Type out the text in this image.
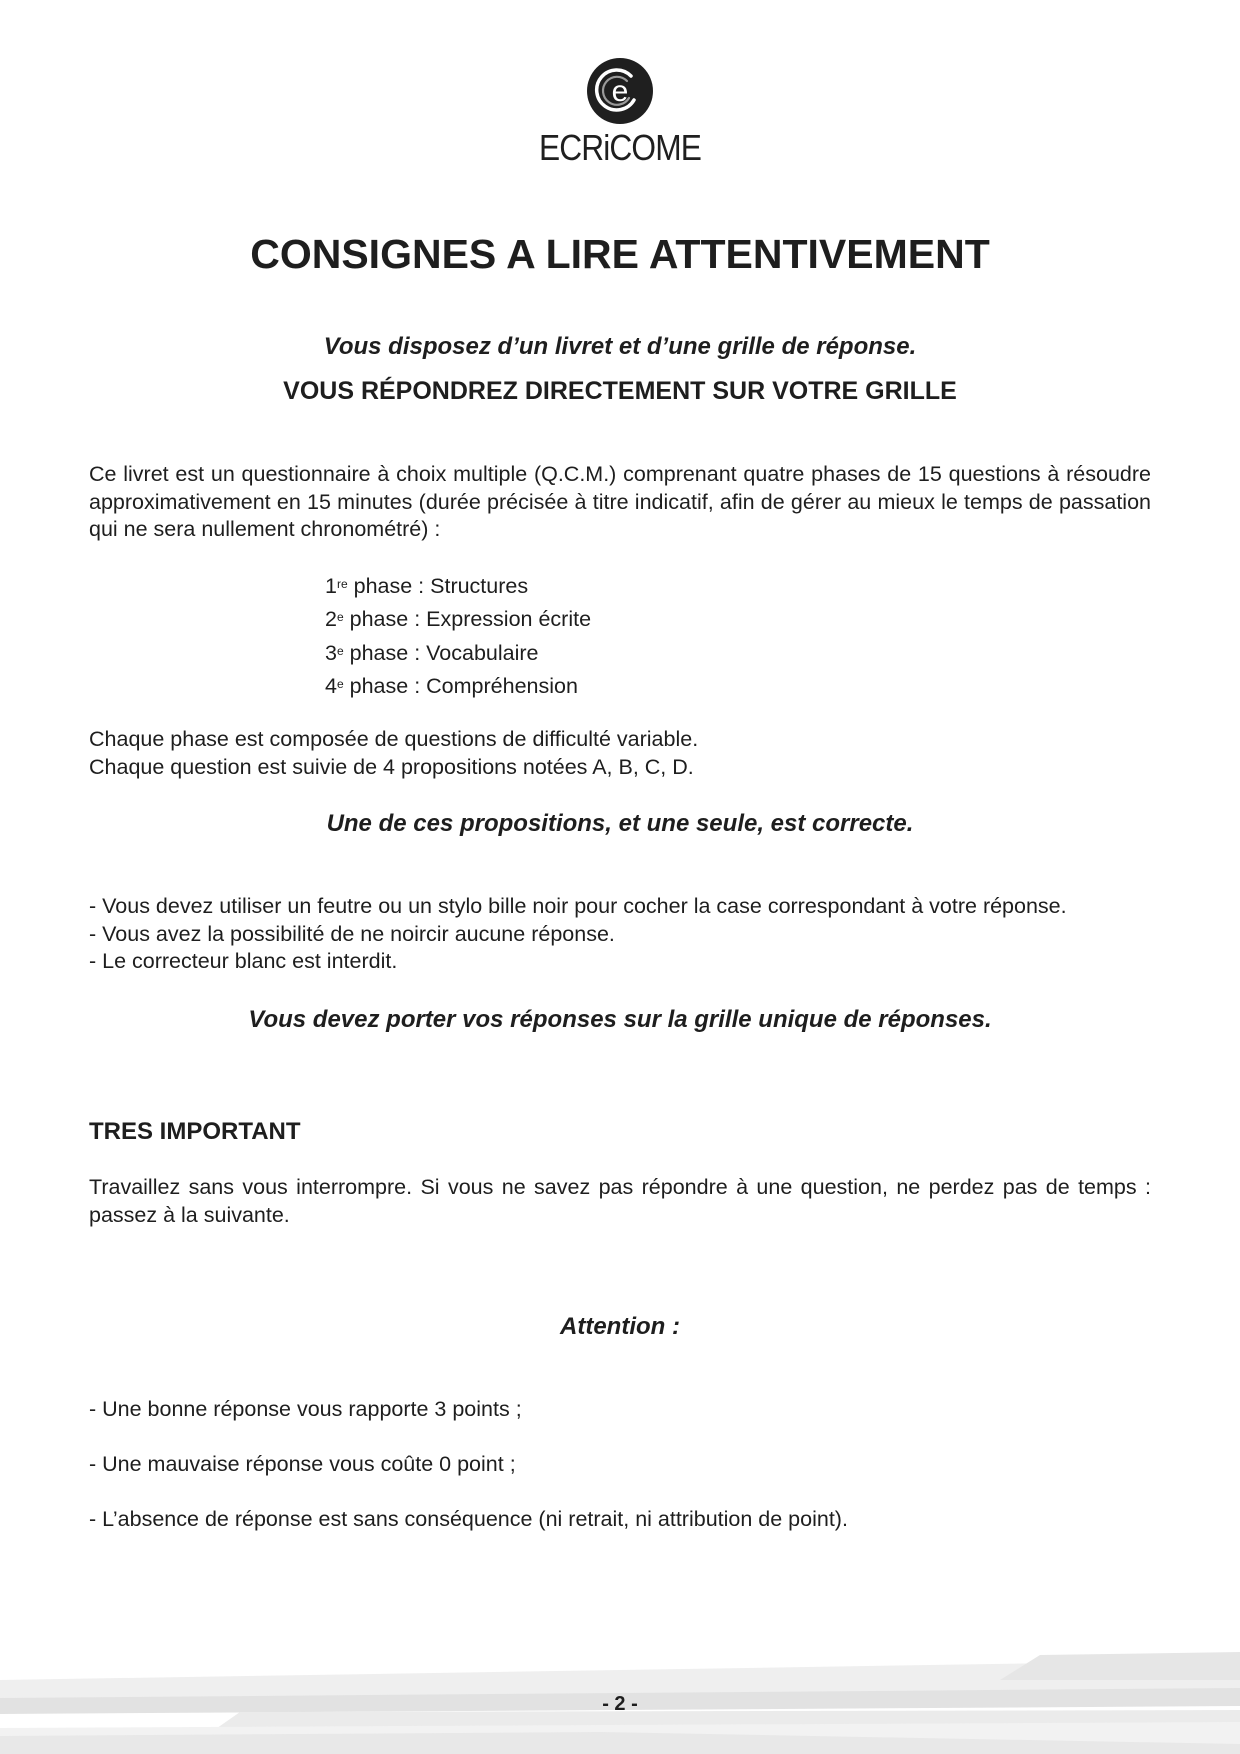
e
ECRiCOME
CONSIGNES A LIRE ATTENTIVEMENT
Vous disposez d’un livret et d’une grille de réponse.
VOUS RÉPONDREZ DIRECTEMENT SUR VOTRE GRILLE

Ce livret est un questionnaire à choix multiple (Q.C.M.) comprenant quatre phases de 15 questions à résoudre approximativement en 15 minutes (durée précisée à titre indicatif, afin de gérer au mieux le temps de passation qui ne sera nullement chronométré) :

1re phase : Structures
2e phase : Expression écrite
3e phase : Vocabulaire
4e phase : Compréhension
Chaque phase est composée de questions de difficulté variable.
Chaque question est suivie de 4 propositions notées A, B, C, D.
Une de ces propositions, et une seule, est correcte.
- Vous devez utiliser un feutre ou un stylo bille noir pour cocher la case correspondant à votre réponse.
- Vous avez la possibilité de ne noircir aucune réponse.
- Le correcteur blanc est interdit.
Vous devez porter vos réponses sur la grille unique de réponses.
TRES IMPORTANT

Travaillez sans vous interrompre. Si vous ne savez pas répondre à une question, ne perdez pas de temps : passez à la suivante.

Attention :
- Une bonne réponse vous rapporte 3 points ;
- Une mauvaise réponse vous coûte 0 point ;
- L’absence de réponse est sans conséquence (ni retrait, ni attribution de point).
- 2 -
